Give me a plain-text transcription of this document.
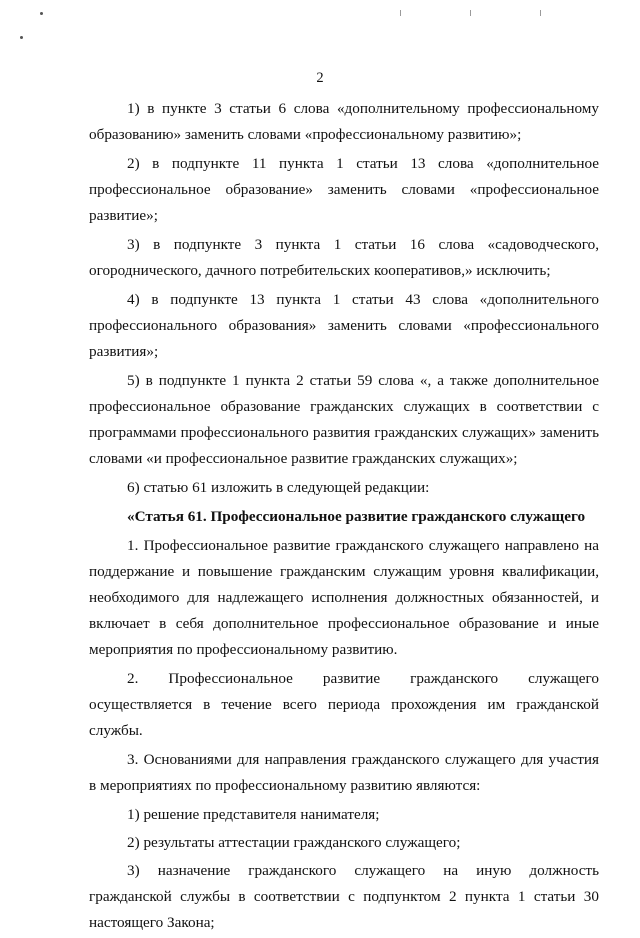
2

1) в пункте 3 статьи 6 слова «дополнительному профессиональному образованию» заменить словами «профессиональному развитию»;

2) в подпункте 11 пункта 1 статьи 13 слова «дополнительное профессиональное образование» заменить словами «профессиональное развитие»;

3) в подпункте 3 пункта 1 статьи 16 слова «садоводческого, огороднического, дачного потребительских кооперативов,» исключить;

4) в подпункте 13 пункта 1 статьи 43 слова «дополнительного профессионального образования» заменить словами «профессионального развития»;

5) в подпункте 1 пункта 2 статьи 59 слова «, а также дополнительное профессиональное образование гражданских служащих в соответствии с программами профессионального развития гражданских служащих» заменить словами «и профессиональное развитие гражданских служащих»;

6) статью 61 изложить в следующей редакции:

«Статья 61. Профессиональное развитие гражданского служащего

1. Профессиональное развитие гражданского служащего направлено на поддержание и повышение гражданским служащим уровня квалификации, необходимого для надлежащего исполнения должностных обязанностей, и включает в себя дополнительное профессиональное образование и иные мероприятия по профессиональному развитию.

2. Профессиональное развитие гражданского служащего осуществляется в течение всего периода прохождения им гражданской службы.

3. Основаниями для направления гражданского служащего для участия в мероприятиях по профессиональному развитию являются:

1) решение представителя нанимателя;

2) результаты аттестации гражданского служащего;

3) назначение гражданского служащего на иную должность гражданской службы в соответствии с подпунктом 2 пункта 1 статьи 30 настоящего Закона;
